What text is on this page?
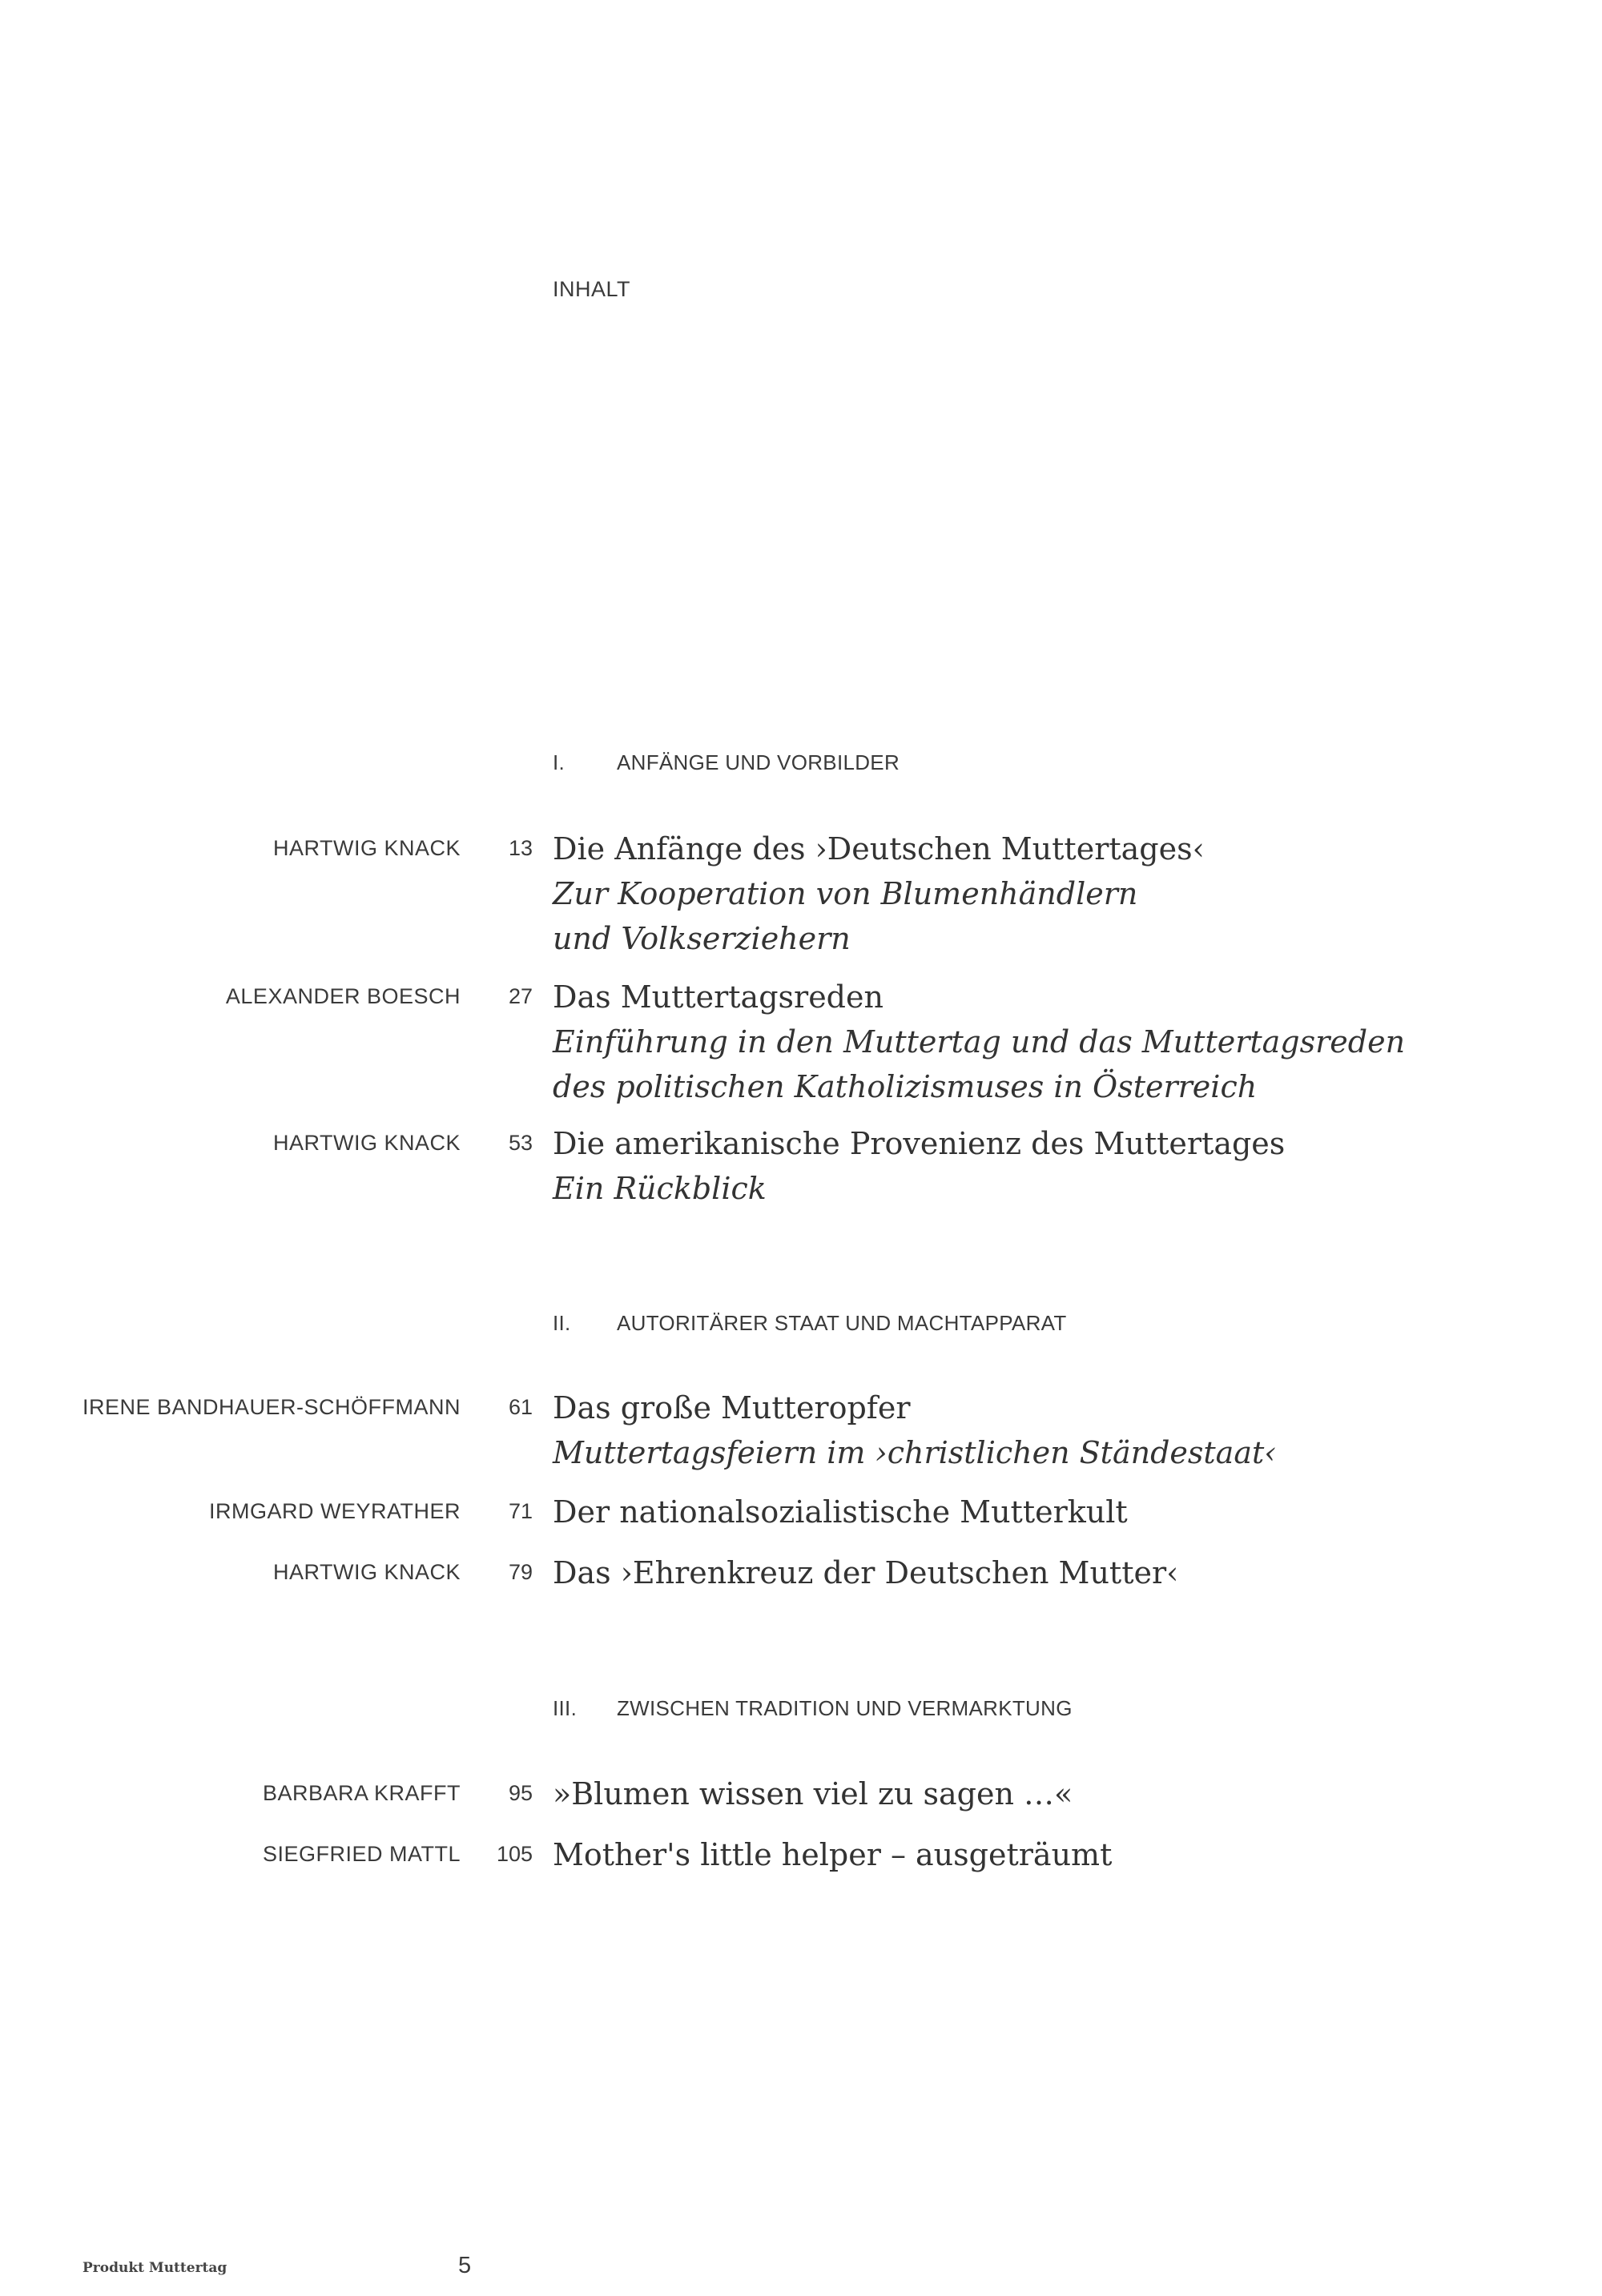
INHALT
I. ANFÄNGE UND VORBILDER
HARTWIG KNACK 13 Die Anfänge des ›Deutschen Muttertages‹
Zur Kooperation von Blumenhändlern
und Volkserziehern
ALEXANDER BOESCH 27 Das Muttertagsreden
Einführung in den Muttertag und das Muttertagsreden
des politischen Katholizismuses in Österreich
HARTWIG KNACK 53 Die amerikanische Provenienz des Muttertages
Ein Rückblick
II. AUTORITÄRER STAAT UND MACHTAPPARAT
IRENE BANDHAUER-SCHÖFFMANN 61 Das große Mutteropfer
Muttertagsfeiern im ›christlichen Ständestaat‹
IRMGARD WEYRATHER 71 Der nationalsozialistische Mutterkult
HARTWIG KNACK 79 Das ›Ehrenkreuz der Deutschen Mutter‹
III. ZWISCHEN TRADITION UND VERMARKTUNG
BARBARA KRAFFT 95 »Blumen wissen viel zu sagen …«
SIEGFRIED MATTL 105 Mother's little helper – ausgeträumt
Produkt Muttertag	5
